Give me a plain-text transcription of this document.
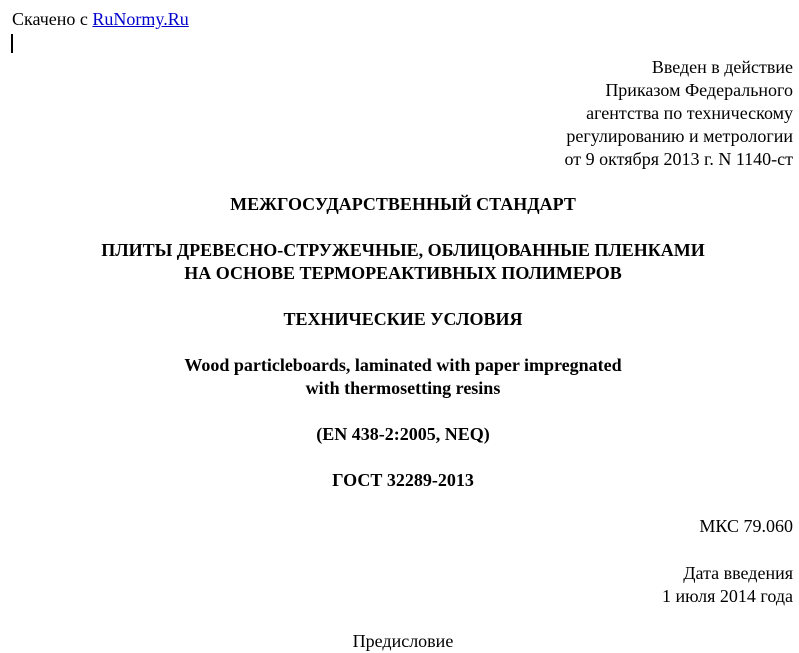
Скачено с RuNormy.Ru
Введен в действие
Приказом Федерального
агентства по техническому
регулированию и метрологии
от 9 октября 2013 г. N 1140-ст
МЕЖГОСУДАРСТВЕННЫЙ СТАНДАРТ
ПЛИТЫ ДРЕВЕСНО-СТРУЖЕЧНЫЕ, ОБЛИЦОВАННЫЕ ПЛЕНКАМИ
НА ОСНОВЕ ТЕРМОРЕАКТИВНЫХ ПОЛИМЕРОВ
ТЕХНИЧЕСКИЕ УСЛОВИЯ
Wood particleboards, laminated with paper impregnated
with thermosetting resins
(EN 438-2:2005, NEQ)
ГОСТ 32289-2013
МКС 79.060
Дата введения
1 июля 2014 года
Предисловие
